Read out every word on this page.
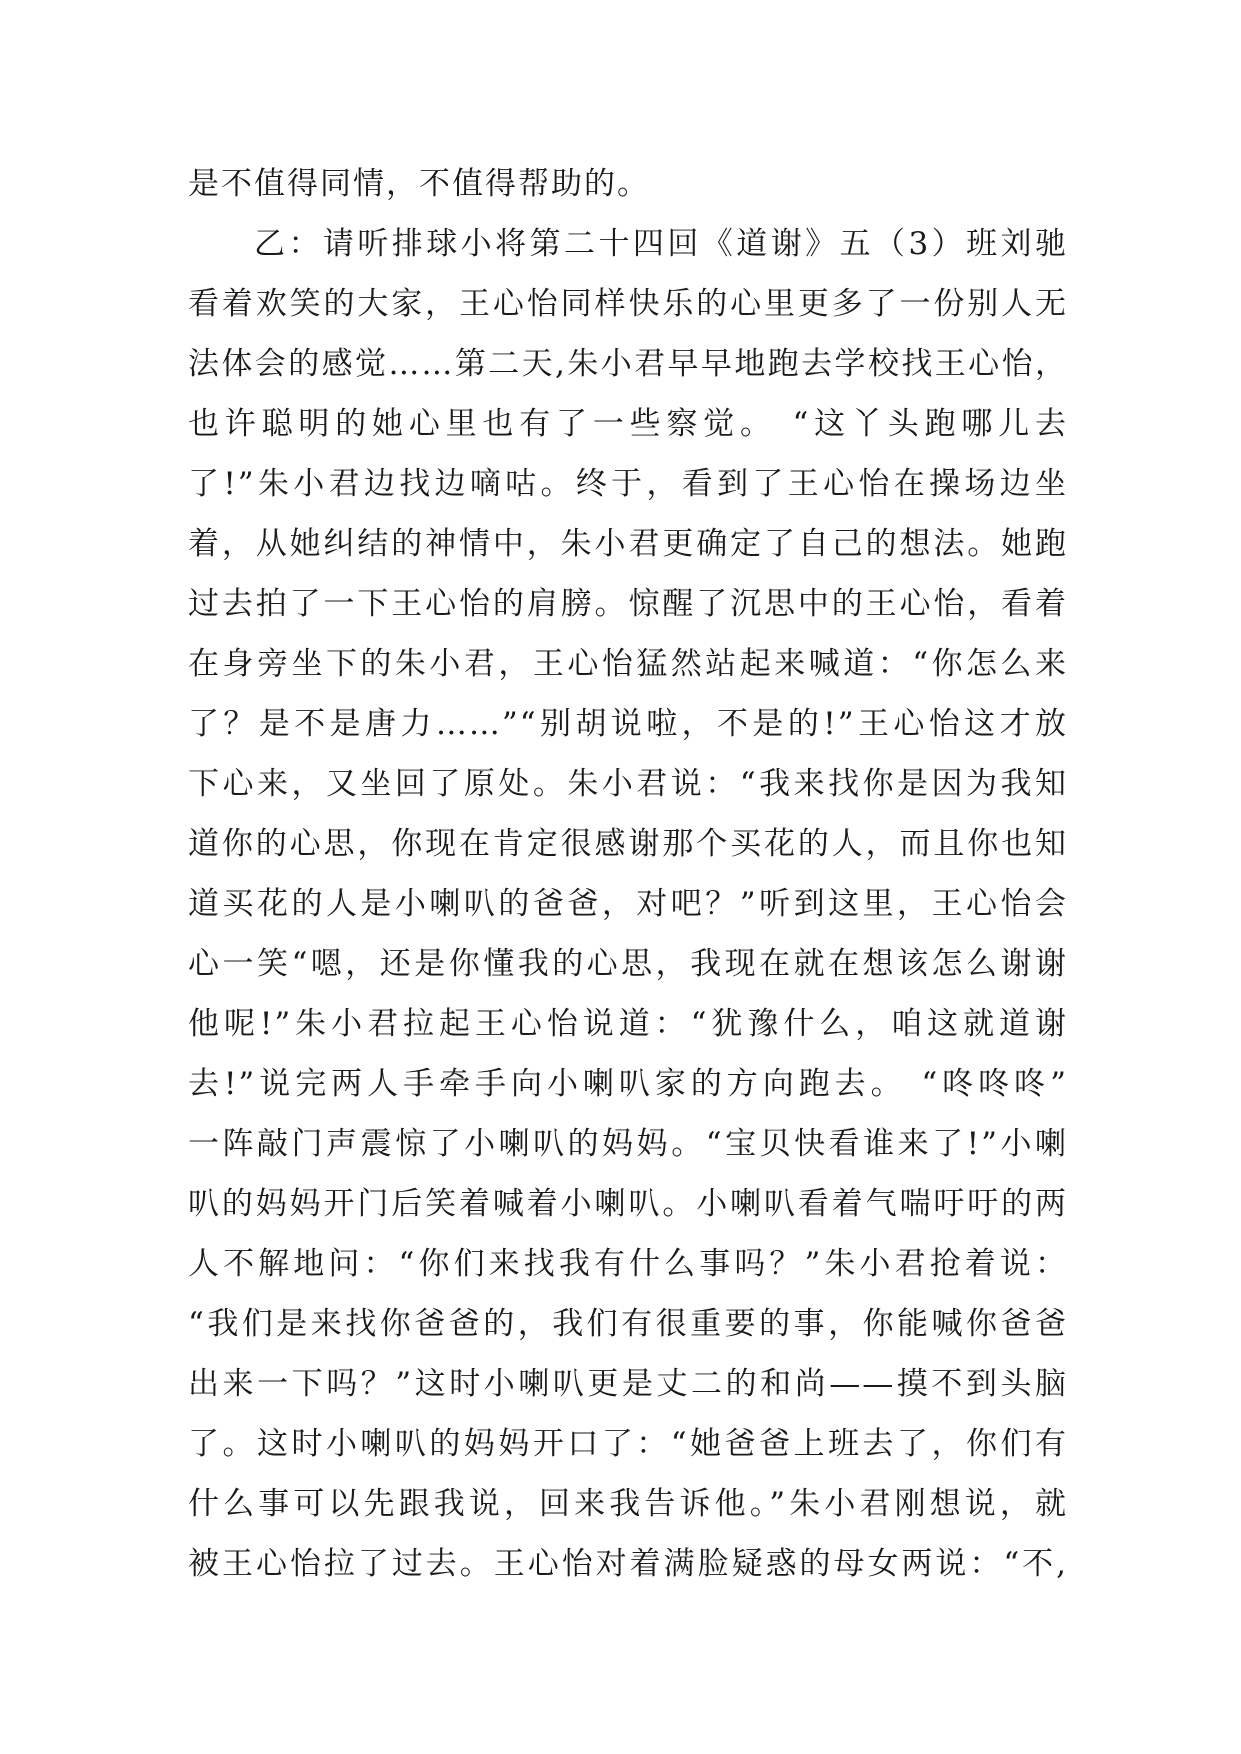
是不值得同情，不值得帮助的。
乙：请听排球小将第二十四回《道谢》五（3）班刘驰
看着欢笑的大家，王心怡同样快乐的心里更多了一份别人无
法体会的感觉……第二天,朱小君早早地跑去学校找王心怡，
也许聪明的她心里也有了一些察觉。 “这丫头跑哪儿去
了!”朱小君边找边嘀咕。终于，看到了王心怡在操场边坐
着，从她纠结的神情中，朱小君更确定了自己的想法。她跑
过去拍了一下王心怡的肩膀。惊醒了沉思中的王心怡，看着
在身旁坐下的朱小君，王心怡猛然站起来喊道：“你怎么来
了？是不是唐力……”“别胡说啦，不是的!”王心怡这才放
下心来，又坐回了原处。朱小君说：“我来找你是因为我知
道你的心思，你现在肯定很感谢那个买花的人，而且你也知
道买花的人是小喇叭的爸爸，对吧？”听到这里，王心怡会
心一笑“嗯，还是你懂我的心思，我现在就在想该怎么谢谢
他呢!”朱小君拉起王心怡说道：“犹豫什么，咱这就道谢
去!”说完两人手牵手向小喇叭家的方向跑去。 “咚咚咚”
一阵敲门声震惊了小喇叭的妈妈。“宝贝快看谁来了!”小喇
叭的妈妈开门后笑着喊着小喇叭。小喇叭看着气喘吁吁的两
人不解地问：“你们来找我有什么事吗？”朱小君抢着说：
“我们是来找你爸爸的，我们有很重要的事，你能喊你爸爸
出来一下吗？”这时小喇叭更是丈二的和尚——摸不到头脑
了。这时小喇叭的妈妈开口了：“她爸爸上班去了，你们有
什么事可以先跟我说，回来我告诉他。”朱小君刚想说，就
被王心怡拉了过去。王心怡对着满脸疑惑的母女两说：“不,
